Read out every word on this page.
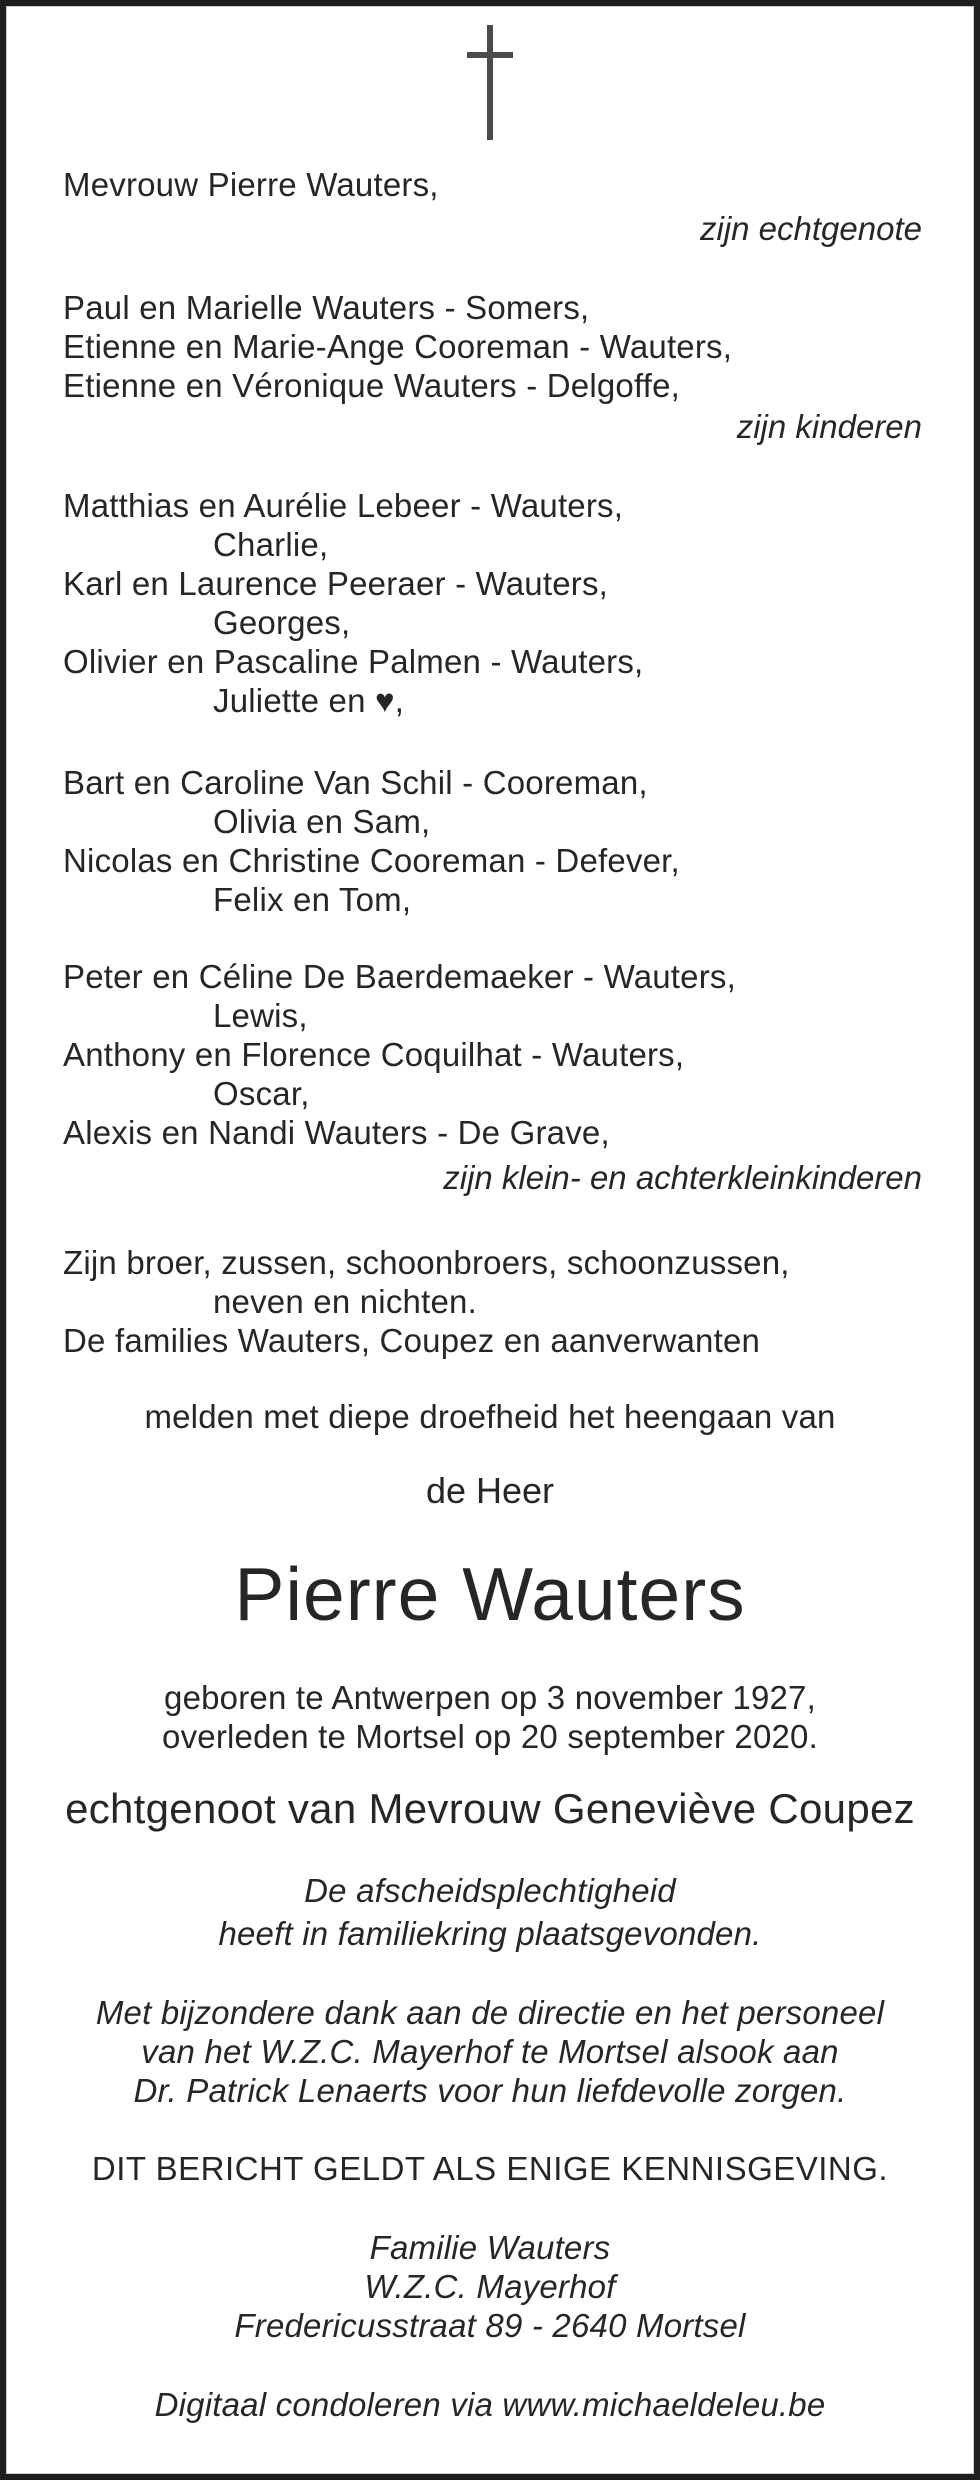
Mevrouw Pierre Wauters,
zijn echtgenote
Paul en Marielle Wauters - Somers,
Etienne en Marie-Ange Cooreman - Wauters,
Etienne en Véronique Wauters - Delgoffe,
zijn kinderen
Matthias en Aurélie Lebeer - Wauters,
Charlie,
Karl en Laurence Peeraer - Wauters,
Georges,
Olivier en Pascaline Palmen - Wauters,
Juliette en ♥,
Bart en Caroline Van Schil - Cooreman,
Olivia en Sam,
Nicolas en Christine Cooreman - Defever,
Felix en Tom,
Peter en Céline De Baerdemaeker - Wauters,
Lewis,
Anthony en Florence Coquilhat - Wauters,
Oscar,
Alexis en Nandi Wauters - De Grave,
zijn klein- en achterkleinkinderen
Zijn broer, zussen, schoonbroers, schoonzussen,
neven en nichten.
De families Wauters, Coupez en aanverwanten
melden met diepe droefheid het heengaan van
de Heer
Pierre Wauters
geboren te Antwerpen op 3 november 1927,
overleden te Mortsel op 20 september 2020.
echtgenoot van Mevrouw Geneviève Coupez
De afscheidsplechtigheid
heeft in familiekring plaatsgevonden.
Met bijzondere dank aan de directie en het personeel
van het W.Z.C. Mayerhof te Mortsel alsook aan
Dr. Patrick Lenaerts voor hun liefdevolle zorgen.
DIT BERICHT GELDT ALS ENIGE KENNISGEVING.
Familie Wauters
W.Z.C. Mayerhof
Fredericusstraat 89 - 2640 Mortsel
Digitaal condoleren via www.michaeldeleu.be
